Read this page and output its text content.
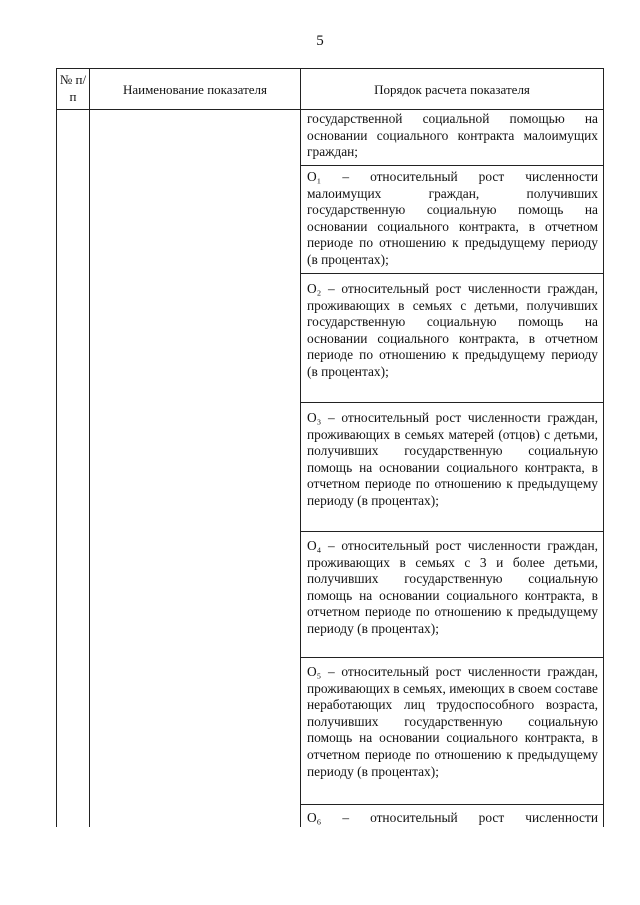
5
№ п/п	Наименование показателя	Порядок расчета показателя
государственной социальной помощью на основании социального контракта малоимущих граждан;
O₁ – относительный рост численности малоимущих граждан, получивших государственную социальную помощь на основании социального контракта, в отчетном периоде по отношению к предыдущему периоду (в процентах);
O₂ – относительный рост численности граждан, проживающих в семьях с детьми, получивших государственную социальную помощь на основании социального контракта, в отчетном периоде по отношению к предыдущему периоду (в процентах);
O₃ – относительный рост численности граждан, проживающих в семьях матерей (отцов) с детьми, получивших государственную социальную помощь на основании социального контракта, в отчетном периоде по отношению к предыдущему периоду (в процентах);
O₄ – относительный рост численности граждан, проживающих в семьях с 3 и более детьми, получивших государственную социальную помощь на основании социального контракта, в отчетном периоде по отношению к предыдущему периоду (в процентах);
O₅ – относительный рост численности граждан, проживающих в семьях, имеющих в своем составе неработающих лиц трудоспособного возраста, получивших государственную социальную помощь на основании социального контракта, в отчетном периоде по отношению к предыдущему периоду (в процентах);
O₆ – относительный рост численности
